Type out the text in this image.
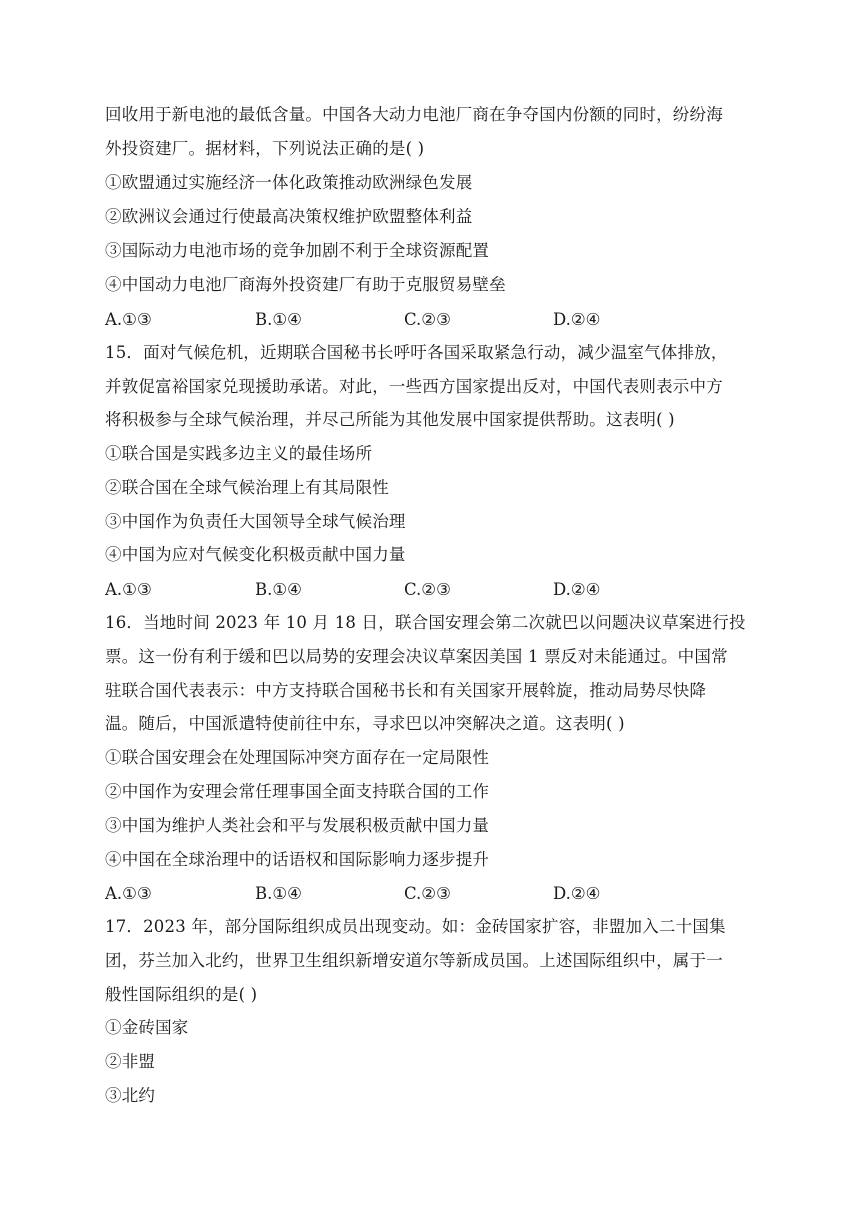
回收用于新电池的最低含量。中国各大动力电池厂商在争夺国内份额的同时，纷纷海
外投资建厂。据材料，下列说法正确的是( )
①欧盟通过实施经济一体化政策推动欧洲绿色发展
②欧洲议会通过行使最高决策权维护欧盟整体利益
③国际动力电池市场的竞争加剧不利于全球资源配置
④中国动力电池厂商海外投资建厂有助于克服贸易壁垒
A.①③	B.①④	C.②③	D.②④
15．面对气候危机，近期联合国秘书长呼吁各国采取紧急行动，减少温室气体排放，
并敦促富裕国家兑现援助承诺。对此，一些西方国家提出反对，中国代表则表示中方
将积极参与全球气候治理，并尽己所能为其他发展中国家提供帮助。这表明( )
①联合国是实践多边主义的最佳场所
②联合国在全球气候治理上有其局限性
③中国作为负责任大国领导全球气候治理
④中国为应对气候变化积极贡献中国力量
A.①③	B.①④	C.②③	D.②④
16．当地时间 2023 年 10 月 18 日，联合国安理会第二次就巴以问题决议草案进行投
票。这一份有利于缓和巴以局势的安理会决议草案因美国 1 票反对未能通过。中国常
驻联合国代表表示：中方支持联合国秘书长和有关国家开展斡旋，推动局势尽快降
温。随后，中国派遣特使前往中东，寻求巴以冲突解决之道。这表明( )
①联合国安理会在处理国际冲突方面存在一定局限性
②中国作为安理会常任理事国全面支持联合国的工作
③中国为维护人类社会和平与发展积极贡献中国力量
④中国在全球治理中的话语权和国际影响力逐步提升
A.①③	B.①④	C.②③	D.②④
17．2023 年，部分国际组织成员出现变动。如：金砖国家扩容，非盟加入二十国集
团，芬兰加入北约，世界卫生组织新增安道尔等新成员国。上述国际组织中，属于一
般性国际组织的是( )
①金砖国家
②非盟
③北约
